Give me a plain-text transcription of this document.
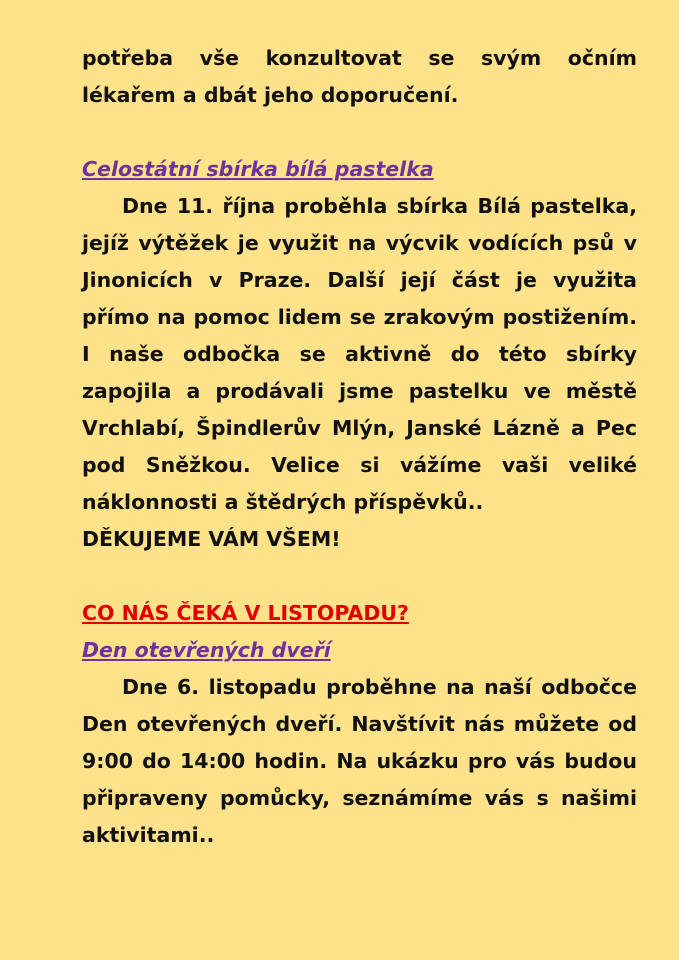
potřeba vše konzultovat se svým očním lékařem a dbát jeho doporučení.

Celostátní sbírka bílá pastelka

Dne 11. října proběhla sbírka Bílá pastelka, jejíž výtěžek je využit na výcvik vodících psů v Jinonicích v Praze. Další její část je využita přímo na pomoc lidem se zrakovým postižením. I naše odbočka se aktivně do této sbírky zapojila a prodávali jsme pastelku ve městě Vrchlabí, Špindlerův Mlýn, Janské Lázně a Pec pod Sněžkou. Velice si vážíme vaši veliké náklonnosti a štědrých příspěvků..

DĚKUJEME VÁM VŠEM!

CO NÁS ČEKÁ V LISTOPADU?

Den otevřených dveří

Dne 6. listopadu proběhne na naší odbočce Den otevřených dveří. Navštívit nás můžete od 9:00 do 14:00 hodin. Na ukázku pro vás budou připraveny pomůcky, seznámíme vás s našimi aktivitami..
